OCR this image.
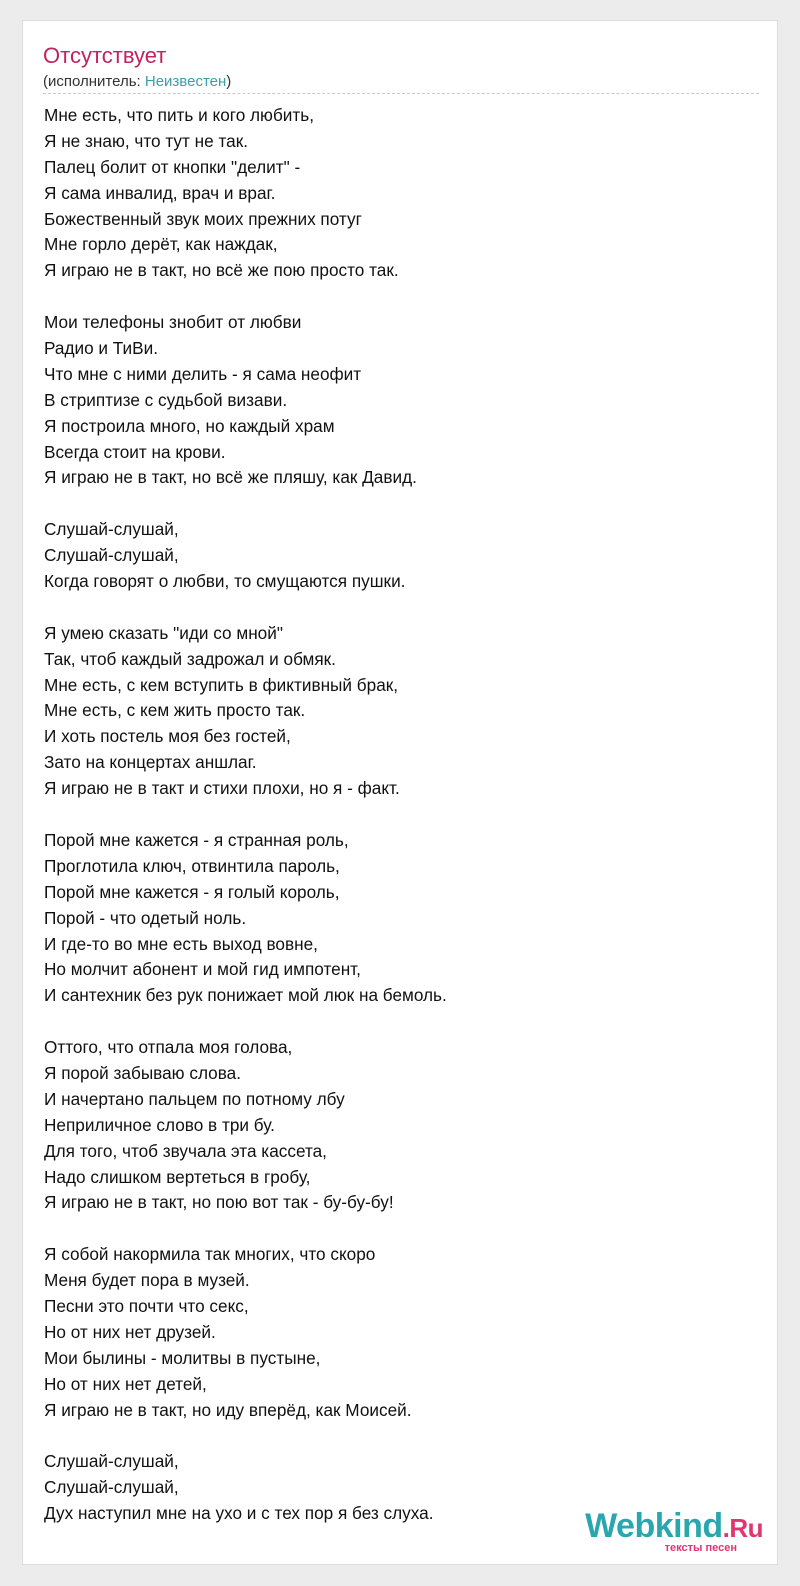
Отсутствует
(исполнитель: Неизвестен)
Мне есть, что пить и кого любить,
Я не знаю, что тут не так.
Палец болит от кнопки "делит" -
Я сама инвалид, врач и враг.
Божественный звук моих прежних потуг
Мне горло дерёт, как наждак,
Я играю не в такт, но всё же пою просто так.
Мои телефоны знобит от любви
Радио и ТиВи.
Что мне с ними делить - я сама неофит
В стриптизе с судьбой визави.
Я построила много, но каждый храм
Всегда стоит на крови.
Я играю не в такт, но всё же пляшу, как Давид.
Слушай-слушай,
Слушай-слушай,
Когда говорят о любви, то смущаются пушки.
Я умею сказать "иди со мной"
Так, чтоб каждый задрожал и обмяк.
Мне есть, с кем вступить в фиктивный брак,
Мне есть, с кем жить просто так.
И хоть постель моя без гостей,
Зато на концертах аншлаг.
Я играю не в такт и стихи плохи, но я - факт.
Порой мне кажется - я странная роль,
Проглотила ключ, отвинтила пароль,
Порой мне кажется - я голый король,
Порой - что одетый ноль.
И где-то во мне есть выход вовне,
Но молчит абонент и мой гид импотент,
И сантехник без рук понижает мой люк на бемоль.
Оттого, что отпала моя голова,
Я порой забываю слова.
И начертано пальцем по потному лбу
Неприличное слово в три бу.
Для того, чтоб звучала эта кассета,
Надо слишком вертеться в гробу,
Я играю не в такт, но пою вот так - бу-бу-бу!
Я собой накормила так многих, что скоро
Меня будет пора в музей.
Песни это почти что секс,
Но от них нет друзей.
Мои былины - молитвы в пустыне,
Но от них нет детей,
Я играю не в такт, но иду вперёд, как Моисей.
Слушай-слушай,
Слушай-слушай,
Дух наступил мне на ухо и с тех пор я без слуха.	Webkind.Ru
тексты песен
